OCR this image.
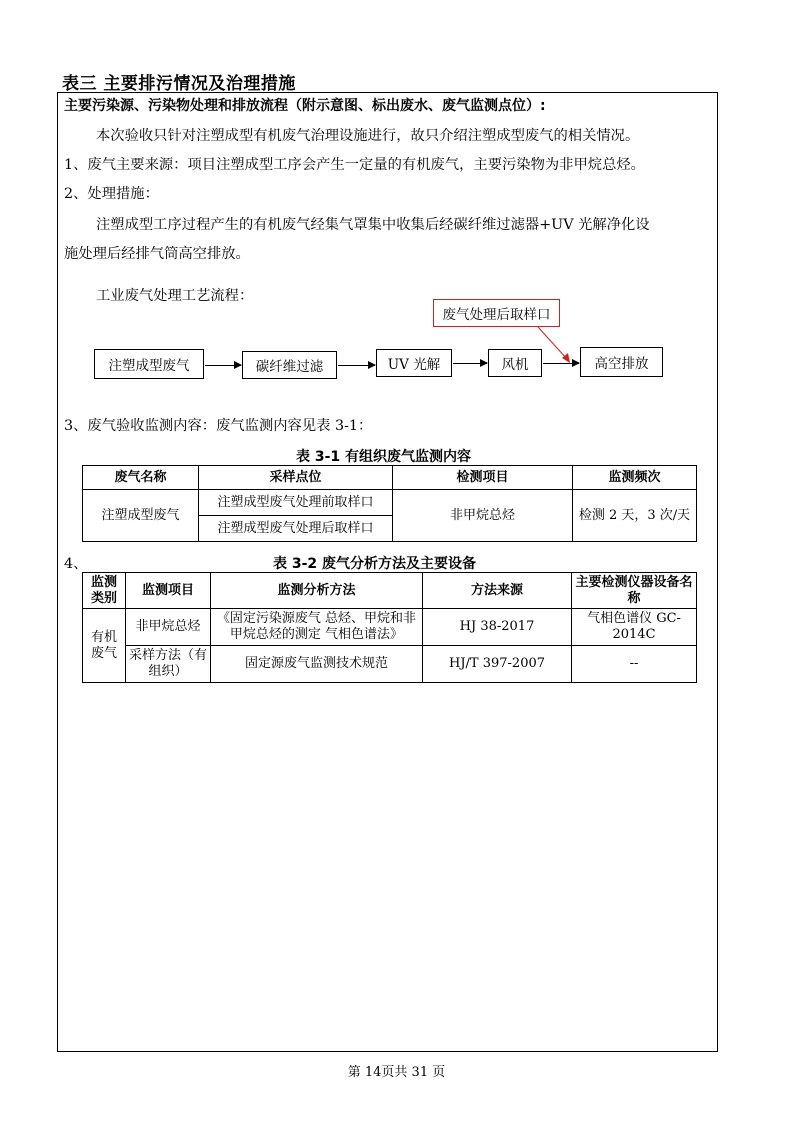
表三 主要排污情况及治理措施
主要污染源、污染物处理和排放流程（附示意图、标出废水、废气监测点位）:
本次验收只针对注塑成型有机废气治理设施进行，故只介绍注塑成型废气的相关情况。
1、废气主要来源：项目注塑成型工序会产生一定量的有机废气，主要污染物为非甲烷总烃。
2、处理措施：
注塑成型工序过程产生的有机废气经集气罩集中收集后经碳纤维过滤器+UV 光解净化设
施处理后经排气筒高空排放。
工业废气处理工艺流程：
废气处理后取样口
注塑成型废气	碳纤维过滤	UV 光解	风机	高空排放
3、废气验收监测内容：废气监测内容见表 3-1：
表 3-1 有组织废气监测内容
废气名称	采样点位	检测项目	监测频次
注塑成型废气	注塑成型废气处理前取样口	非甲烷总烃	检测 2 天，3 次/天
	注塑成型废气处理后取样口		
4、	表 3-2 废气分析方法及主要设备
监测类别	监测项目	监测分析方法	方法来源	主要检测仪器设备名称
有机废气	非甲烷总烃	《固定污染源废气 总烃、甲烷和非甲烷总烃的测定 气相色谱法》	HJ 38-2017	气相色谱仪 GC-2014C
	采样方法（有组织）	固定源废气监测技术规范	HJ/T 397-2007	--
第 14页共 31 页
